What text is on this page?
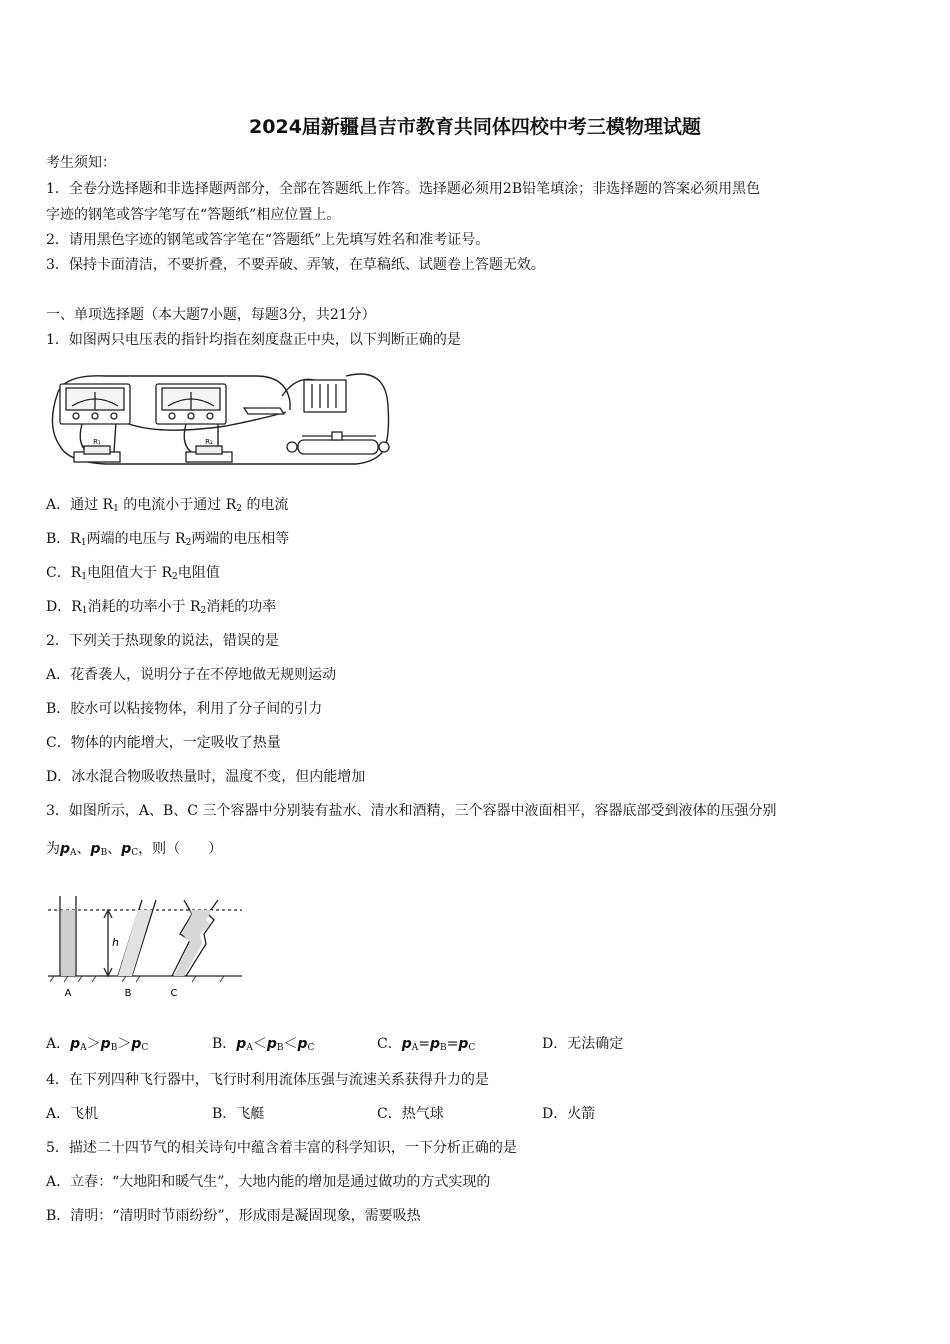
2024届新疆昌吉市教育共同体四校中考三模物理试题
考生须知：
1．全卷分选择题和非选择题两部分，全部在答题纸上作答。选择题必须用2B铅笔填涂；非选择题的答案必须用黑色
字迹的钢笔或答字笔写在“答题纸”相应位置上。
2．请用黑色字迹的钢笔或答字笔在“答题纸”上先填写姓名和准考证号。
3．保持卡面清洁，不要折叠，不要弄破、弄皱，在草稿纸、试题卷上答题无效。
一、单项选择题（本大题7小题，每题3分，共21分）
1．如图两只电压表的指针均指在刻度盘正中央，以下判断正确的是
R₁	R₂
A．通过 $R_1$ 的电流小于通过 $R_2$ 的电流
B．$R_1$两端的电压与 $R_2$两端的电压相等
C．$R_1$电阻值大于 $R_2$电阻值
D．$R_1$消耗的功率小于 $R_2$消耗的功率
2．下列关于热现象的说法，错误的是
A．花香袭人，说明分子在不停地做无规则运动
B．胶水可以粘接物体，利用了分子间的引力
C．物体的内能增大，一定吸收了热量
D．冰水混合物吸收热量时，温度不变，但内能增加
3．如图所示，A、B、C 三个容器中分别装有盐水、清水和酒精，三个容器中液面相平，容器底部受到液体的压强分别
为pA、pB、pC，则（　　）
h
A	B	C
A．pA＞pB＞pC	B．pA＜pB＜pC	C．pA=pB=pC	D．无法确定
4．在下列四种飞行器中，飞行时利用流体压强与流速关系获得升力的是
A．飞机	B．飞艇	C．热气球	D．火箭
5．描述二十四节气的相关诗句中蕴含着丰富的科学知识，一下分析正确的是
A．立春：“大地阳和暖气生”，大地内能的增加是通过做功的方式实现的
B．清明：“清明时节雨纷纷”，形成雨是凝固现象，需要吸热
